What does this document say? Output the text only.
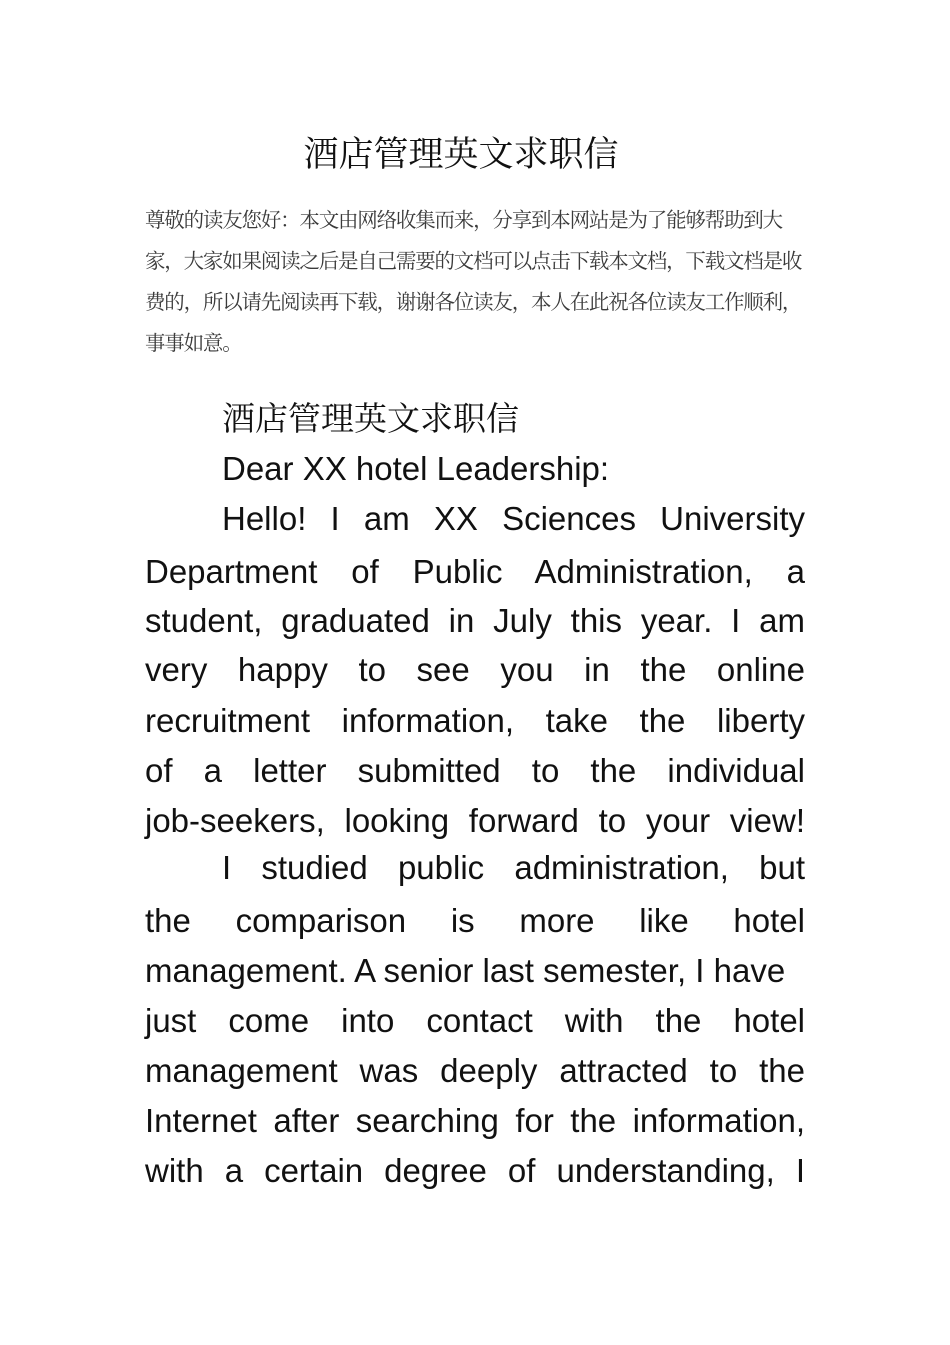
酒店管理英文求职信
尊敬的读友您好：本文由网络收集而来，分享到本网站是为了能够帮助到大家，大家如果阅读之后是自己需要的文档可以点击下载本文档，下载文档是收费的，所以请先阅读再下载，谢谢各位读友，本人在此祝各位读友工作顺利，事事如意。
酒店管理英文求职信
Dear XX hotel Leadership:
Hello! I am XX Sciences University
Department of Public Administration, a
student, graduated in July this year. I am
very happy to see you in the online
recruitment information, take the liberty
of a letter submitted to the individual
job-seekers, looking forward to your view!
I studied public administration, but
the comparison is more like hotel
management. A senior last semester, I have
just come into contact with the hotel
management was deeply attracted to the
Internet after searching for the information,
with a certain degree of understanding, I
